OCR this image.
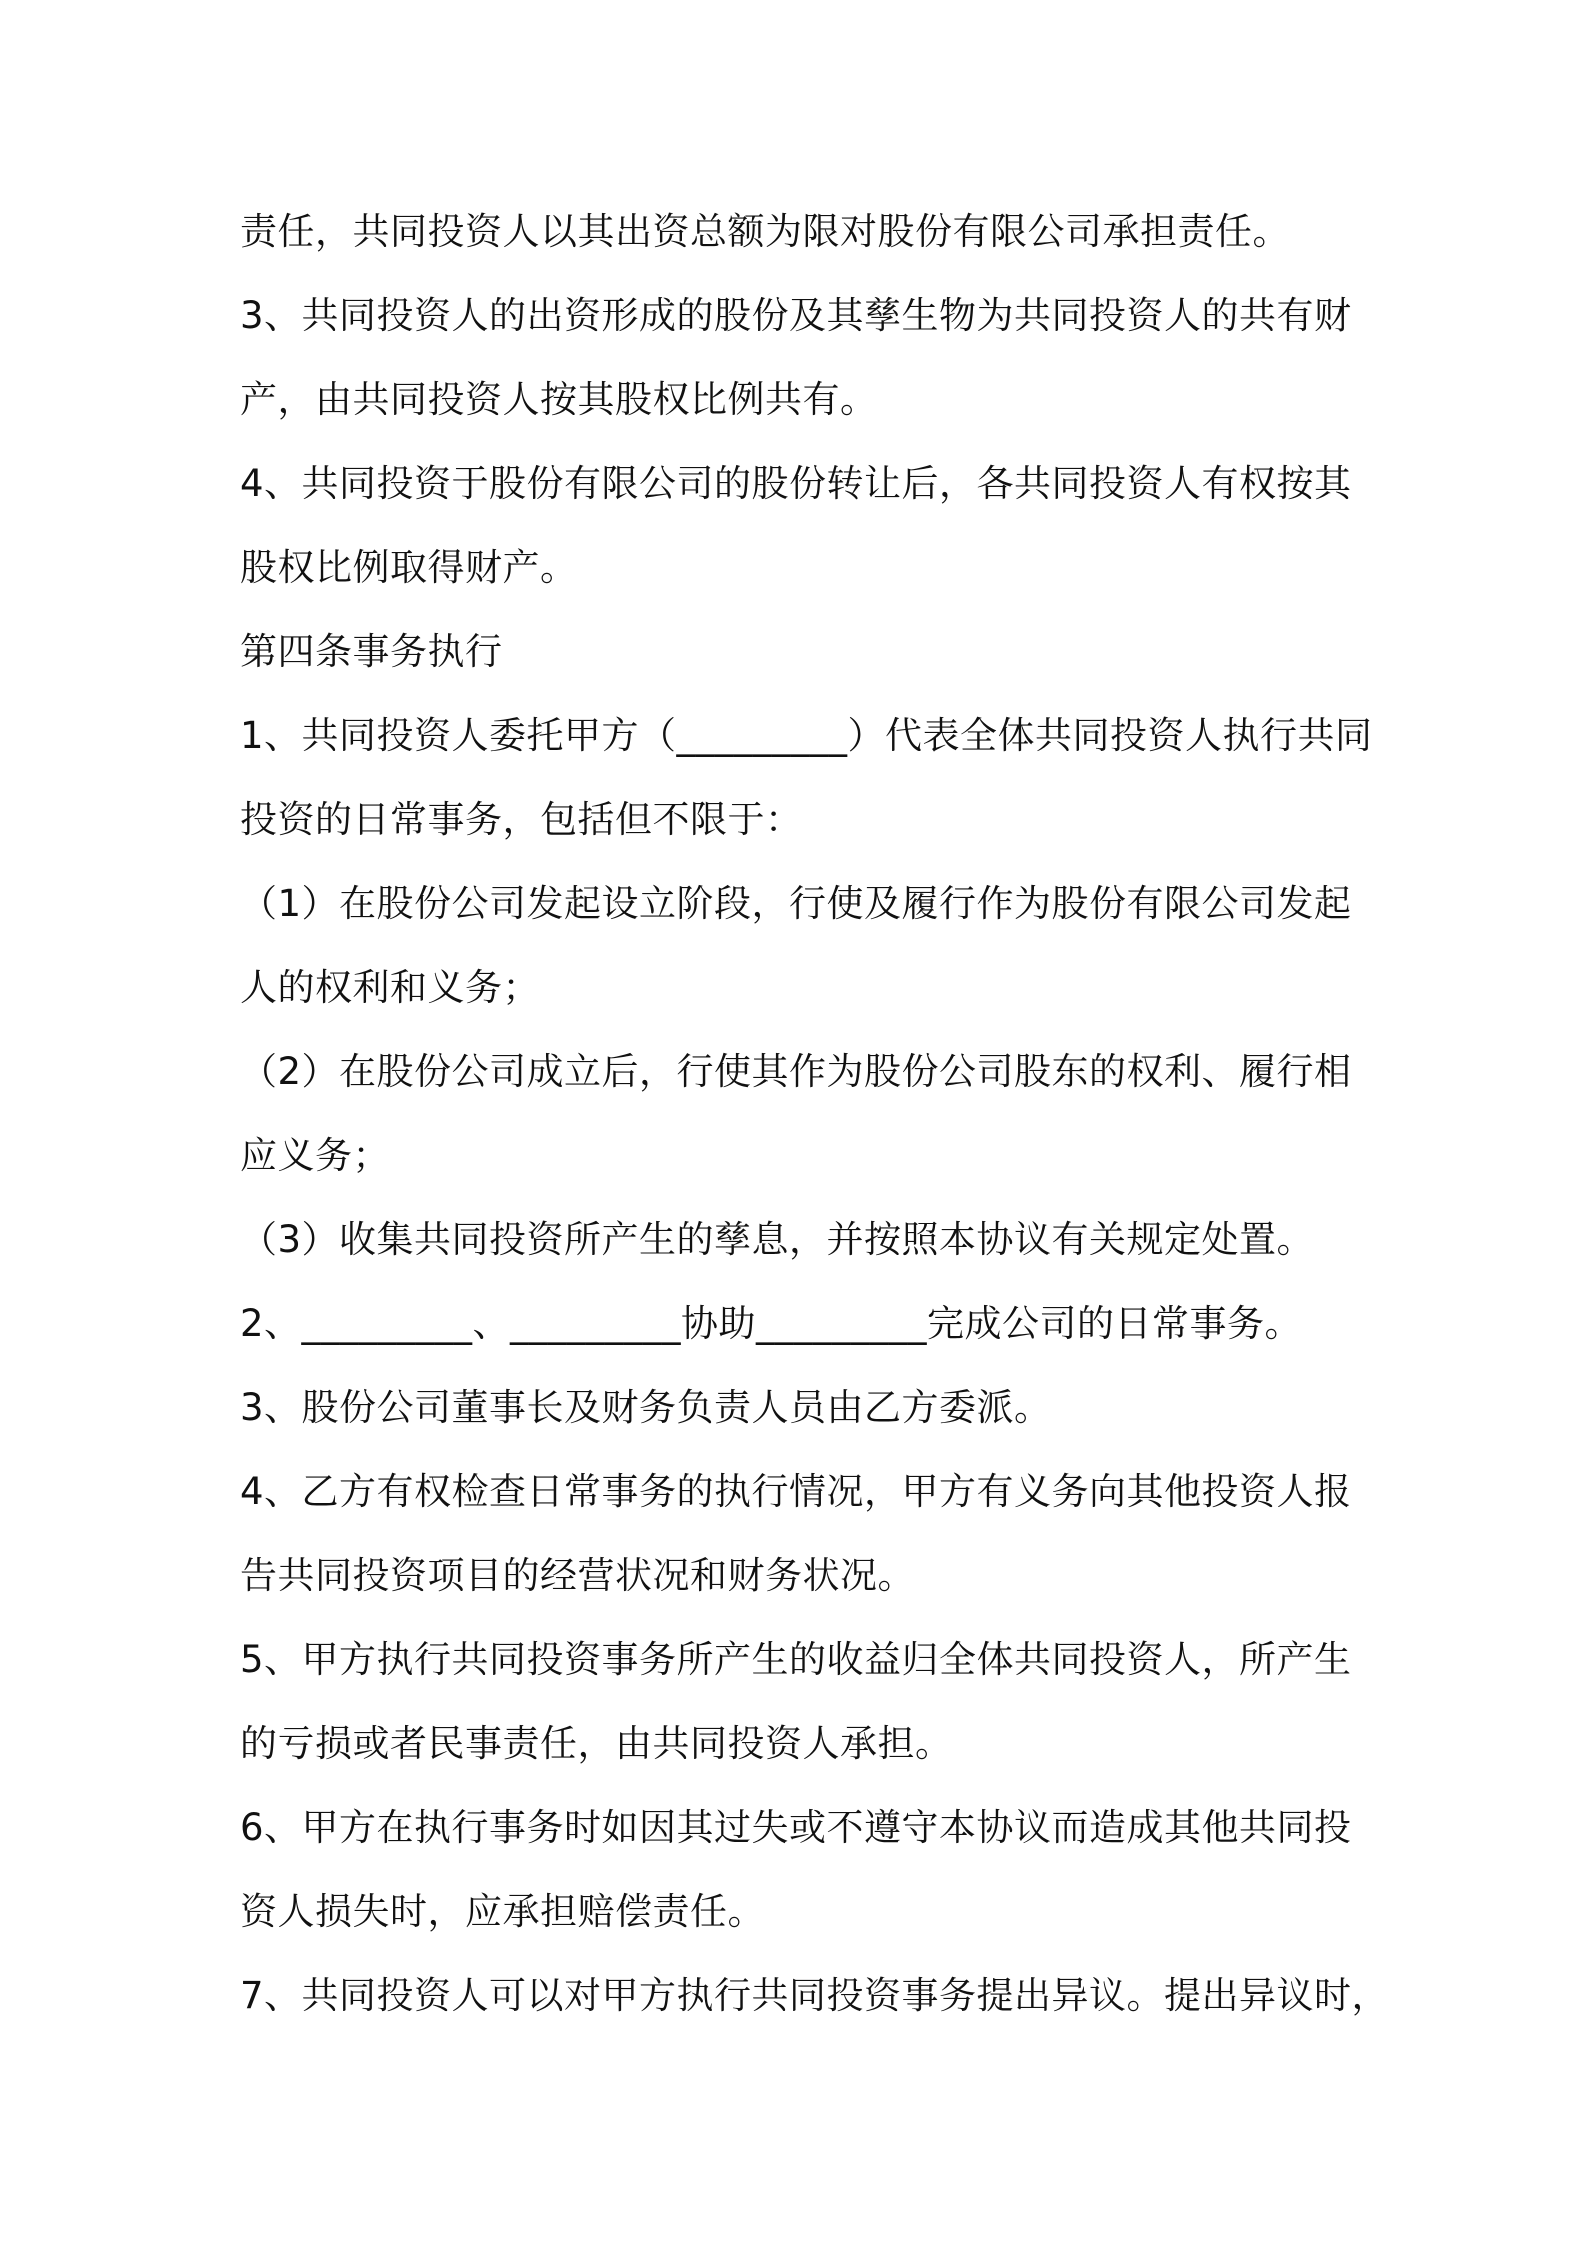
责任，共同投资人以其出资总额为限对股份有限公司承担责任。
3、共同投资人的出资形成的股份及其孳生物为共同投资人的共有财
产，由共同投资人按其股权比例共有。
4、共同投资于股份有限公司的股份转让后，各共同投资人有权按其
股权比例取得财产。
第四条事务执行
1、共同投资人委托甲方（_________）代表全体共同投资人执行共同
投资的日常事务，包括但不限于：
（1）在股份公司发起设立阶段，行使及履行作为股份有限公司发起
人的权利和义务；
（2）在股份公司成立后，行使其作为股份公司股东的权利、履行相
应义务；
（3）收集共同投资所产生的孳息，并按照本协议有关规定处置。
2、_________、_________协助_________完成公司的日常事务。
3、股份公司董事长及财务负责人员由乙方委派。
4、乙方有权检查日常事务的执行情况，甲方有义务向其他投资人报
告共同投资项目的经营状况和财务状况。
5、甲方执行共同投资事务所产生的收益归全体共同投资人，所产生
的亏损或者民事责任，由共同投资人承担。
6、甲方在执行事务时如因其过失或不遵守本协议而造成其他共同投
资人损失时，应承担赔偿责任。
7、共同投资人可以对甲方执行共同投资事务提出异议。提出异议时，
